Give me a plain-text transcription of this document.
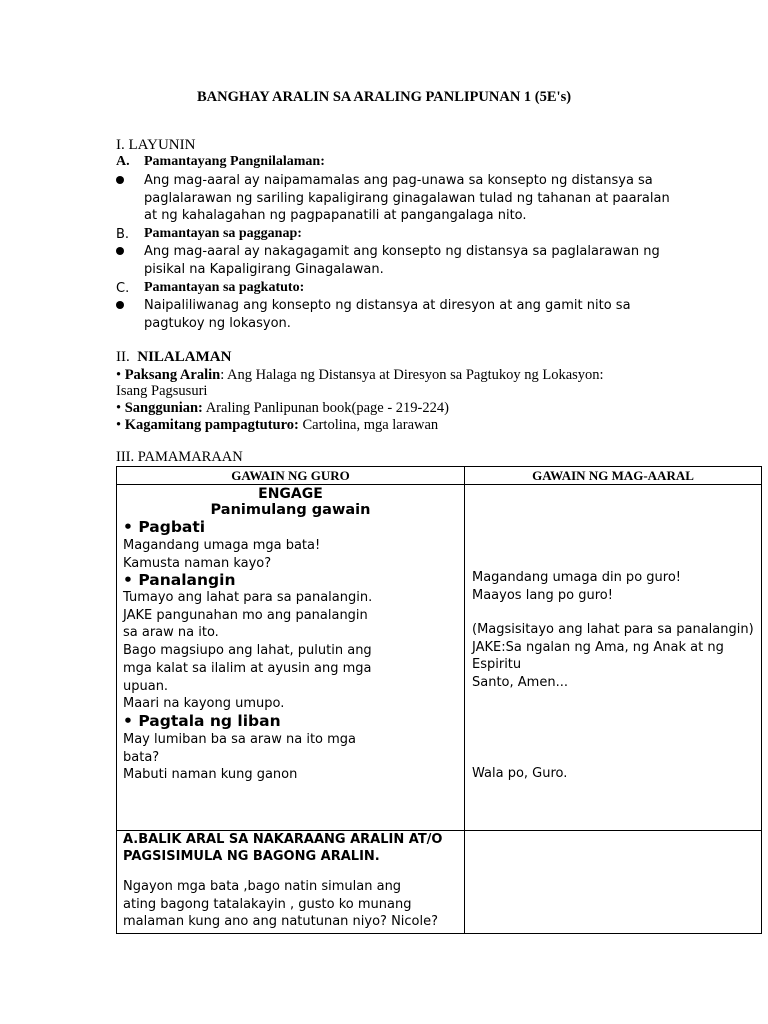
BANGHAY ARALIN SA ARALING PANLIPUNAN 1 (5E's)
I. LAYUNIN
A. Pamantayang Pangnilalaman:
Ang mag-aaral ay naipamamalas ang pag-unawa sa konsepto ng distansya sa
paglalarawan ng sariling kapaligirang ginagalawan tulad ng tahanan at paaralan
at ng kahalagahan ng pagpapanatili at pangangalaga nito.
B. Pamantayan sa pagganap:
Ang mag-aaral ay nakagagamit ang konsepto ng distansya sa paglalarawan ng
pisikal na Kapaligirang Ginagalawan.
C. Pamantayan sa pagkatuto:
Naipaliliwanag ang konsepto ng distansya at diresyon at ang gamit nito sa
pagtukoy ng lokasyon.
II. NILALAMAN
• Paksang Aralin: Ang Halaga ng Distansya at Diresyon sa Pagtukoy ng Lokasyon:
Isang Pagsusuri
• Sanggunian: Araling Panlipunan book(page - 219-224)
• Kagamitang pampagtuturo: Cartolina, mga larawan
III. PAMAMARAAN
GAWAIN NG GURO	GAWAIN NG MAG-AARAL
ENGAGE
Panimulang gawain
• Pagbati
Magandang umaga mga bata!
Kamusta naman kayo?
• Panalangin
Tumayo ang lahat para sa panalangin.
JAKE pangunahan mo ang panalangin
sa araw na ito.
Bago magsiupo ang lahat, pulutin ang
mga kalat sa ilalim at ayusin ang mga
upuan.
Maari na kayong umupo.
• Pagtala ng liban
May lumiban ba sa araw na ito mga
bata?
Mabuti naman kung ganon
Magandang umaga din po guro!
Maayos lang po guro!
(Magsisitayo ang lahat para sa panalangin)
JAKE:Sa ngalan ng Ama, ng Anak at ng Espiritu
Santo, Amen...
Wala po, Guro.
A.BALIK ARAL SA NAKARAANG ARALIN AT/O
PAGSISIMULA NG BAGONG ARALIN.
Ngayon mga bata ,bago natin simulan ang
ating bagong tatalakayin , gusto ko munang
malaman kung ano ang natutunan niyo? Nicole?
